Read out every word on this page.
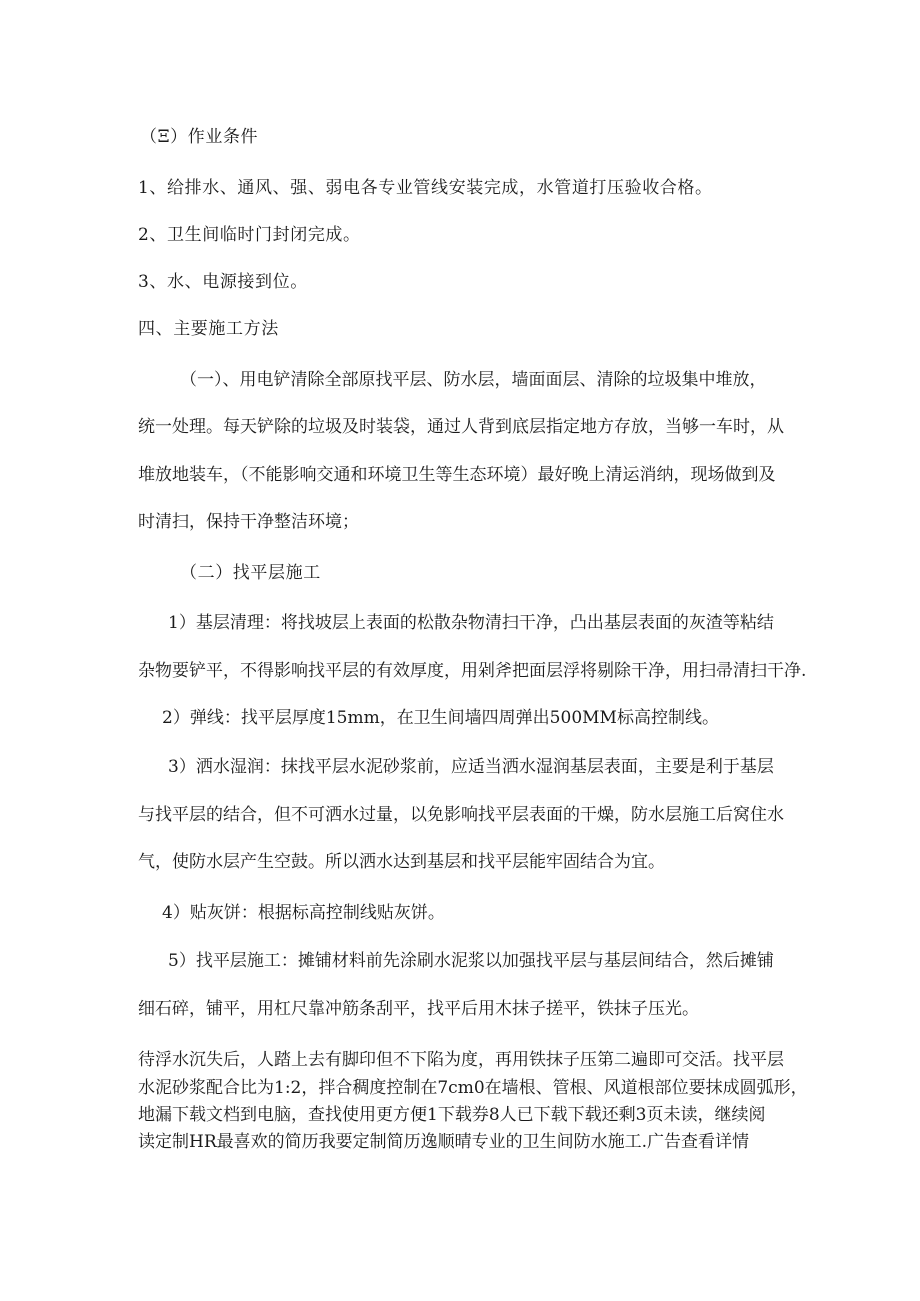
（Ξ）作业条件
1、给排水、通风、强、弱电各专业管线安装完成，水管道打压验收合格。
2、卫生间临时门封闭完成。
3、水、电源接到位。
四、主要施工方法
（一）、用电铲清除全部原找平层、防水层，墙面面层、清除的垃圾集中堆放，
统一处理。每天铲除的垃圾及时装袋，通过人背到底层指定地方存放，当够一车时，从
堆放地装车，（不能影响交通和环境卫生等生态环境）最好晚上清运消纳，现场做到及
时清扫，保持干净整洁环境；
（二）找平层施工
1）基层清理：将找坡层上表面的松散杂物清扫干净，凸出基层表面的灰渣等粘结
杂物要铲平，不得影响找平层的有效厚度，用剁斧把面层浮将剔除干净，用扫帚清扫干净.
2）弹线：找平层厚度15mm，在卫生间墙四周弹出500MM标高控制线。
3）洒水湿润：抹找平层水泥砂浆前，应适当洒水湿润基层表面，主要是利于基层
与找平层的结合，但不可洒水过量，以免影响找平层表面的干燥，防水层施工后窝住水
气，使防水层产生空鼓。所以洒水达到基层和找平层能牢固结合为宜。
4）贴灰饼：根据标高控制线贴灰饼。
5）找平层施工：摊铺材料前先涂刷水泥浆以加强找平层与基层间结合，然后摊铺
细石碎，铺平，用杠尺靠冲筋条刮平，找平后用木抹子搓平，铁抹子压光。
待浮水沉失后，人踏上去有脚印但不下陷为度，再用铁抹子压第二遍即可交活。找平层
水泥砂浆配合比为1:2，拌合稠度控制在7cm0在墙根、管根、风道根部位要抹成圆弧形，
地漏下载文档到电脑，查找使用更方便1下载券8人已下载下载还剩3页未读，继续阅
读定制HR最喜欢的简历我要定制简历逸顺晴专业的卫生间防水施工.广告查看详情
